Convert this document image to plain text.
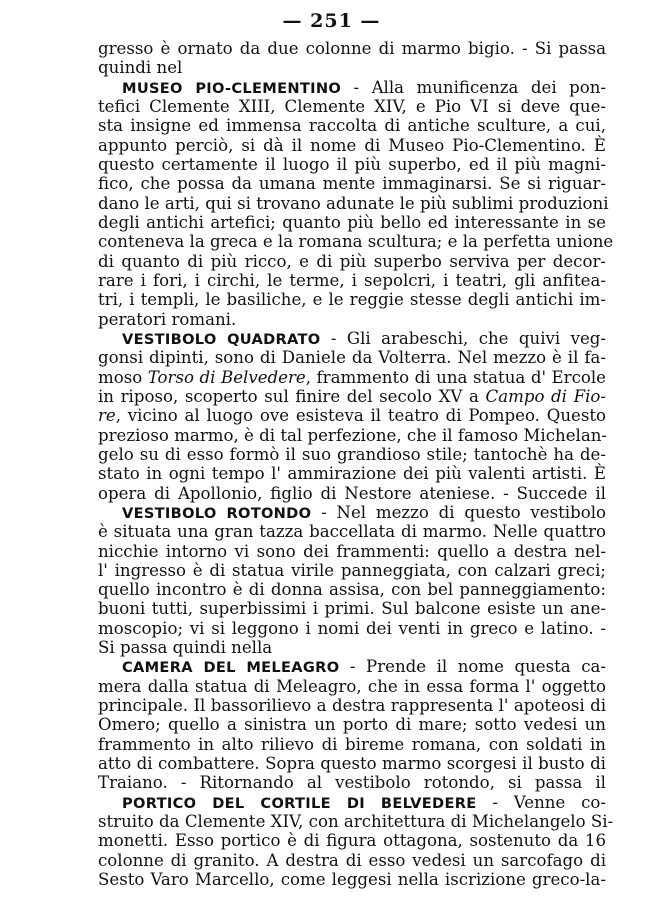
— 251 —
gresso è ornato da due colonne di marmo bigio. - Si passa
quindi nel
MUSEO PIO-CLEMENTINO - Alla munificenza dei pon-
tefici Clemente XIII, Clemente XIV, e Pio VI si deve que-
sta insigne ed immensa raccolta di antiche sculture, a cui,
appunto perciò, si dà il nome di Museo Pio-Clementino. È
questo certamente il luogo il più superbo, ed il più magni-
fico, che possa da umana mente immaginarsi. Se si riguar-
dano le arti, qui si trovano adunate le più sublimi produzioni
degli antichi artefici; quanto più bello ed interessante in se
conteneva la greca e la romana scultura; e la perfetta unione
di quanto di più ricco, e di più superbo serviva per decor-
rare i fori, i circhi, le terme, i sepolcri, i teatri, gli anfitea-
tri, i templi, le basiliche, e le reggie stesse degli antichi im-
peratori romani.
VESTIBOLO QUADRATO - Gli arabeschi, che quivi veg-
gonsi dipinti, sono di Daniele da Volterra. Nel mezzo è il fa-
moso Torso di Belvedere, frammento di una statua d' Ercole
in riposo, scoperto sul finire del secolo XV a Campo di Fio-
re, vicino al luogo ove esisteva il teatro di Pompeo. Questo
prezioso marmo, è di tal perfezione, che il famoso Michelan-
gelo su di esso formò il suo grandioso stile; tantochè ha de-
stato in ogni tempo l' ammirazione dei più valenti artisti. È
opera di Apollonio, figlio di Nestore ateniese. - Succede il
VESTIBOLO ROTONDO - Nel mezzo di questo vestibolo
è situata una gran tazza baccellata di marmo. Nelle quattro
nicchie intorno vi sono dei frammenti: quello a destra nel-
l' ingresso è di statua virile panneggiata, con calzari greci;
quello incontro è di donna assisa, con bel panneggiamento:
buoni tutti, superbissimi i primi. Sul balcone esiste un ane-
moscopio; vi si leggono i nomi dei venti in greco e latino. -
Si passa quindi nella
CAMERA DEL MELEAGRO - Prende il nome questa ca-
mera dalla statua di Meleagro, che in essa forma l' oggetto
principale. Il bassorilievo a destra rappresenta l' apoteosi di
Omero; quello a sinistra un porto di mare; sotto vedesi un
frammento in alto rilievo di bireme romana, con soldati in
atto di combattere. Sopra questo marmo scorgesi il busto di
Traiano. - Ritornando al vestibolo rotondo, si passa il
PORTICO DEL CORTILE DI BELVEDERE - Venne co-
struito da Clemente XIV, con architettura di Michelangelo Si-
monetti. Esso portico è di figura ottagona, sostenuto da 16
colonne di granito. A destra di esso vedesi un sarcofago di
Sesto Varo Marcello, come leggesi nella iscrizione greco-la-
